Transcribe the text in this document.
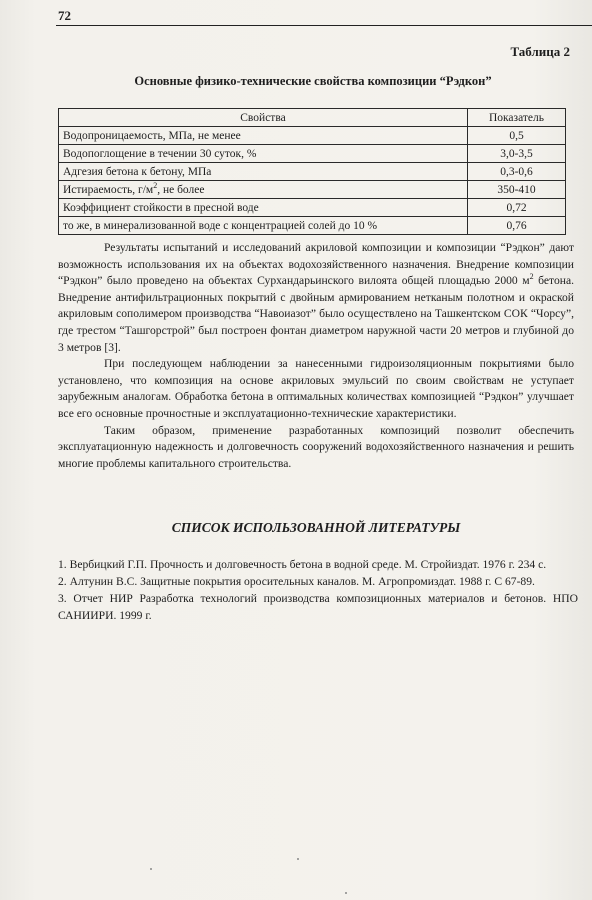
72
Таблица 2
Основные физико-технические свойства композиции “Рэдкон”
Свойства	Показатель
Водопроницаемость, МПа, не менее	0,5
Водопоглощение в течении 30 суток, %	3,0-3,5
Адгезия бетона к бетону, МПа	0,3-0,6
Истираемость, $г/м^2$, не более	350-410
Коэффициент стойкости в пресной воде	0,72
то же, в минерализованной воде с концентрацией солей до 10 %	0,76

Результаты испытаний и исследований акриловой композиции и композиции “Рэдкон” дают возможность использования их на объектах водохозяйственного назначения. Внедрение композиции “Рэдкон” было проведено на объектах Сурхандарьинского вилоята общей площадью 2000 $м^2$ бетона. Внедрение антифильтрационных покрытий с двойным армированием нетканым полотном и окраской акриловым сополимером производства “Навоиазот” было осуществлено на Ташкентском СОК “Чорсу”, где трестом “Ташгорстрой” был построен фонтан диаметром наружной части 20 метров и глубиной до 3 метров [3].

При последующем наблюдении за нанесенными гидроизоляционным покрытиями было установлено, что композиция на основе акриловых эмульсий по своим свойствам не уступает зарубежным аналогам. Обработка бетона в оптимальных количествах композицией “Рэдкон” улучшает все его основные прочностные и эксплуатационно-технические характеристики.

Таким образом, применение разработанных композиций позволит обеспечить эксплуатационную надежность и долговечность сооружений водохозяйственного назначения и решить многие проблемы капитального строительства.

СПИСОК ИСПОЛЬЗОВАННОЙ ЛИТЕРАТУРЫ
1. Вербицкий Г.П. Прочность и долговечность бетона в водной среде. М. Стройиздат. 1976 г. 234 с.
2. Алтунин В.С. Защитные покрытия оросительных каналов. М. Агропромиздат. 1988 г. С 67-89.
3. Отчет НИР Разработка технологий производства композиционных материалов и бетонов. НПО САНИИРИ. 1999 г.
